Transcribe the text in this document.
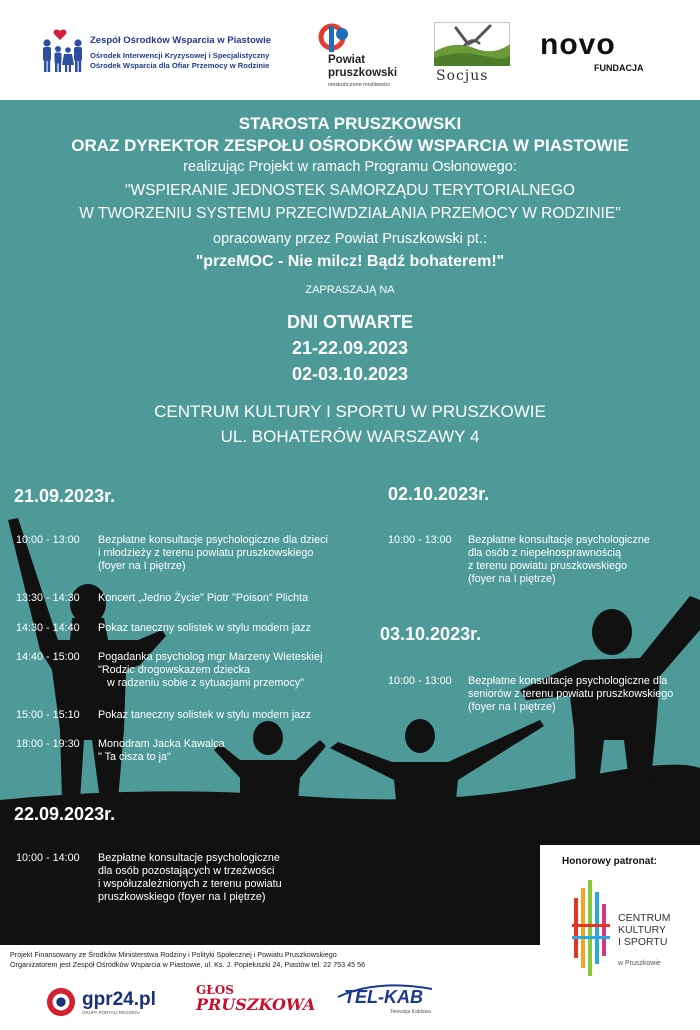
Zespół Ośrodków Wsparcia w Piastowie
Ośrodek Interwencji Kryzysowej i Specjalistyczny
Ośrodek Wsparcia dla Ofiar Przemocy w Rodzinie	Powiat
pruszkowski
nieskończone możliwości
Socjus
novo
FUNDACJA
STAROSTA PRUSZKOWSKI
ORAZ DYREKTOR ZESPOŁU OŚRODKÓW WSPARCIA W PIASTOWIE
realizując Projekt w ramach Programu Osłonowego:
"WSPIERANIE JEDNOSTEK SAMORZĄDU TERYTORIALNEGO
W TWORZENIU SYSTEMU PRZECIWDZIAŁANIA PRZEMOCY W RODZINIE"
opracowany przez Powiat Pruszkowski pt.:
"przeMOC - Nie milcz! Bądź bohaterem!"
ZAPRASZAJĄ NA
DNI OTWARTE
21-22.09.2023
02-03.10.2023
CENTRUM KULTURY I SPORTU W PRUSZKOWIE
UL. BOHATERÓW WARSZAWY 4
21.09.2023r.
10:00 - 13:00 Bezpłatne konsultacje psychologiczne dla dzieci
i młodzieży z terenu powiatu pruszkowskiego
(foyer na I piętrze)
13:30 - 14:30 Koncert „Jedno Życie" Piotr "Poison" Plichta
14:30 - 14:40 Pokaz taneczny solistek w stylu modern jazz
14:40 - 15:00 Pogadanka psycholog mgr Marzeny Wieteskiej
"Rodzic drogowskazem dziecka
w radzeniu sobie z sytuacjami przemocy"
15:00 - 15:10 Pokaz taneczny solistek w stylu modern jazz
18:00 - 19:30 Monodram Jacka Kawalca
" Ta cisza to ja"
22.09.2023r.
02.10.2023r.
10:00 - 13:00 Bezpłatne konsultacje psychologiczne
dla osób z niepełnosprawnością
z terenu powiatu pruszkowskiego
(foyer na I piętrze)
03.10.2023r.
10:00 - 13:00 Bezpłatne konsultacje psychologiczne dla
seniorów z terenu powiatu pruszkowskiego
(foyer na I piętrze)
10:00 - 14:00 Bezpłatne konsultacje psychologiczne
dla osób pozostających w trzeźwości
i współuzależnionych z terenu powiatu
pruszkowskiego (foyer na I piętrze)
Honorowy patronat:
CENTRUM
KULTURY
I SPORTU
w Pruszkowie
Projekt Finansowany ze Środków Ministerstwa Rodziny i Polityki Społecznej i Powiatu Pruszkowskiego
Organizatorem jest Zespół Ośrodków Wsparcia w Piastowie, ul. Ks. J. Popiełuszki 24, Piastów tel. 22 753 45 56
gpr24.pl
GRUPA PORTALI REGIONU
GŁOS
PRUSZKOWA TEL-KAB
Telewizja Kablowa
